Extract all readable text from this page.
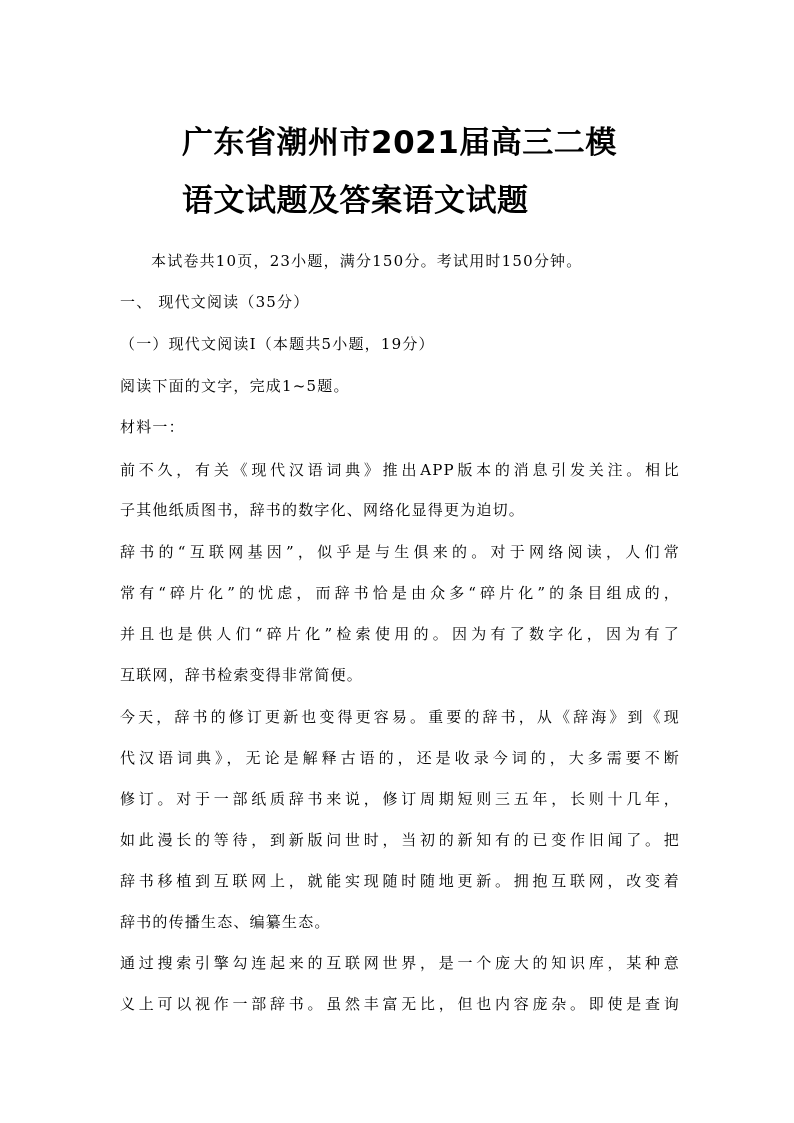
广东省潮州市2021届高三二模
语文试题及答案语文试题
本试卷共10页，23小题，满分150分。考试用时150分钟。
一、 现代文阅读（35分）
（一）现代文阅读Ⅰ（本题共5小题，19分）
阅读下面的文字，完成1~5题。
材料一：
前不久，有关《现代汉语词典》推出APP版本的消息引发关注。相比
子其他纸质图书，辞书的数字化、网络化显得更为迫切。
辞书的“互联网基因”，似乎是与生俱来的。对于网络阅读，人们常
常有“碎片化”的忧虑，而辞书恰是由众多“碎片化”的条目组成的，
并且也是供人们“碎片化”检索使用的。因为有了数字化，因为有了
互联网，辞书检索变得非常简便。
今天，辞书的修订更新也变得更容易。重要的辞书，从《辞海》到《现
代汉语词典》，无论是解释古语的，还是收录今词的，大多需要不断
修订。对于一部纸质辞书来说，修订周期短则三五年，长则十几年，
如此漫长的等待，到新版问世时，当初的新知有的已变作旧闻了。把
辞书移植到互联网上，就能实现随时随地更新。拥抱互联网，改变着
辞书的传播生态、编纂生态。
通过搜索引擎勾连起来的互联网世界，是一个庞大的知识库，某种意
义上可以视作一部辞书。虽然丰富无比，但也内容庞杂。即使是查询
